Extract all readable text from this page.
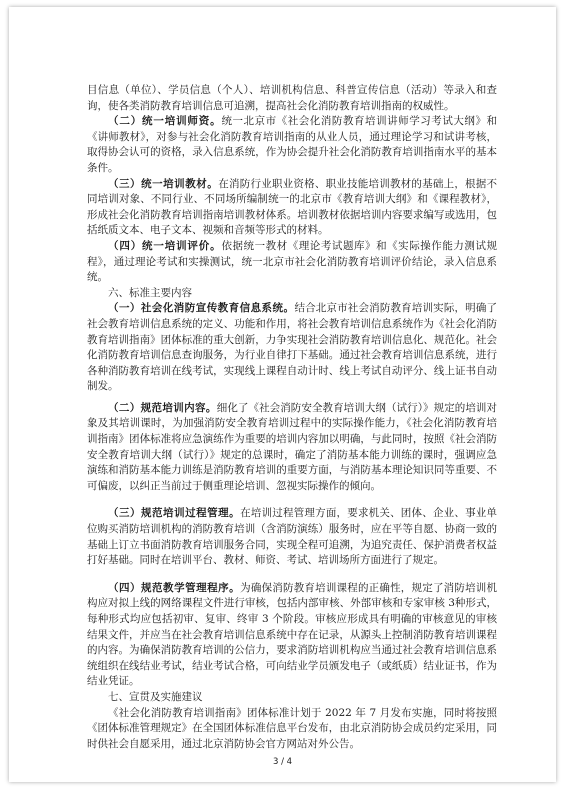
目信息（单位）、学员信息（个人）、培训机构信息、科普宣传信息（活动）等录入和查询，使各类消防教育培训信息可追溯，提高社会化消防教育培训指南的权威性。

（二）统一培训师资。统一北京市《社会化消防教育培训讲师学习考试大纲》和《讲师教材》，对参与社会化消防教育培训指南的从业人员，通过理论学习和试讲考核，取得协会认可的资格，录入信息系统，作为协会提升社会化消防教育培训指南水平的基本条件。

（三）统一培训教材。在消防行业职业资格、职业技能培训教材的基础上，根据不同培训对象、不同行业、不同场所编制统一的北京市《教育培训大纲》和《课程教材》，形成社会化消防教育培训指南培训教材体系。培训教材依据培训内容要求编写或选用，包括纸质文本、电子文本、视频和音频等形式的材料。

（四）统一培训评价。依据统一教材《理论考试题库》和《实际操作能力测试规程》，通过理论考试和实操测试，统一北京市社会化消防教育培训评价结论，录入信息系统。

六、标准主要内容

（一）社会化消防宣传教育信息系统。结合北京市社会消防教育培训实际，明确了社会教育培训信息系统的定义、功能和作用，将社会教育培训信息系统作为《社会化消防教育培训指南》团体标准的重大创新，力争实现社会消防教育培训信息化、规范化。社会化消防教育培训信息查询服务，为行业自律打下基础。通过社会教育培训信息系统，进行各种消防教育培训在线考试，实现线上课程自动计时、线上考试自动评分、线上证书自动制发。

（二）规范培训内容。细化了《社会消防安全教育培训大纲（试行）》规定的培训对象及其培训课时，为加强消防安全教育培训过程中的实际操作能力，《社会化消防教育培训指南》团体标准将应急演练作为重要的培训内容加以明确，与此同时，按照《社会消防安全教育培训大纲（试行）》规定的总课时，确定了消防基本能力训练的课时，强调应急演练和消防基本能力训练是消防教育培训的重要方面，与消防基本理论知识同等重要、不可偏废，以纠正当前过于侧重理论培训、忽视实际操作的倾向。

（三）规范培训过程管理。在培训过程管理方面，要求机关、团体、企业、事业单位购买消防培训机构的消防教育培训（含消防演练）服务时，应在平等自愿、协商一致的基础上订立书面消防教育培训服务合同，实现全程可追溯，为追究责任、保护消费者权益打好基础。同时在培训平台、教材、师资、考试、培训场所方面进行了规定。

（四）规范教学管理程序。为确保消防教育培训课程的正确性，规定了消防培训机构应对拟上线的网络课程文件进行审核，包括内部审核、外部审核和专家审核 3种形式，每种形式均应包括初审、复审、终审 3 个阶段。审核应形成具有明确的审核意见的审核结果文件，并应当在社会教育培训信息系统中存在记录，从源头上控制消防教育培训课程的内容。为确保消防教育培训的公信力，要求消防培训机构应当通过社会教育培训信息系统组织在线结业考试，结业考试合格，可向结业学员颁发电子（或纸质）结业证书，作为结业凭证。

七、宣贯及实施建议

《社会化消防教育培训指南》团体标准计划于 2022 年 7 月发布实施，同时将按照《团体标准管理规定》在全国团体标准信息平台发布，由北京消防协会成员约定采用，同时供社会自愿采用，通过北京消防协会官方网站对外公告。

3 / 4
